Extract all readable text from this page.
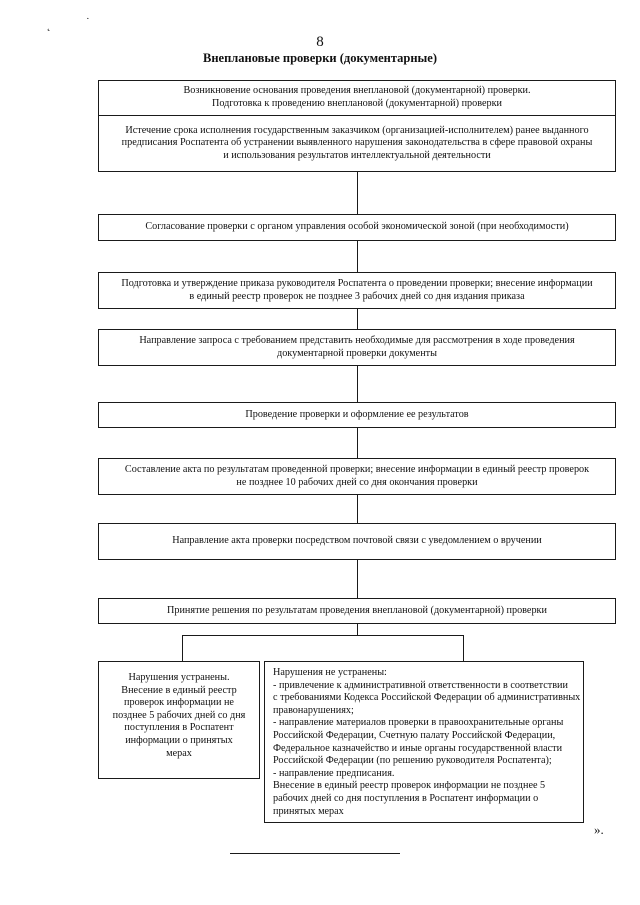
˛	˙
8
Внеплановые проверки (документарные)
Возникновение основания проведения внеплановой (документарной) проверки.
Подготовка к проведению внеплановой (документарной) проверки
Истечение срока исполнения государственным заказчиком (организацией-исполнителем) ранее выданного
предписания Роспатента об устранении выявленного нарушения законодательства в сфере правовой охраны
и использования результатов интеллектуальной деятельности
Согласование проверки с органом управления особой экономической зоной (при необходимости)
Подготовка и утверждение приказа руководителя Роспатента о проведении проверки; внесение информации
в единый реестр проверок не позднее 3 рабочих дней со дня издания приказа
Направление запроса с требованием представить необходимые для рассмотрения в ходе проведения
документарной проверки документы
Проведение проверки и оформление ее результатов
Составление акта по результатам проведенной проверки; внесение информации в единый реестр проверок
не позднее 10 рабочих дней со дня окончания проверки
Направление акта проверки посредством почтовой связи с уведомлением о вручении
Принятие решения по результатам проведения внеплановой (документарной) проверки
Нарушения устранены.
Внесение в единый реестр
проверок информации не
позднее 5 рабочих дней со дня
поступления в Роспатент
информации о принятых
мерах
Нарушения не устранены:
- привлечение к административной ответственности в соответствии
с требованиями Кодекса Российской Федерации об административных
правонарушениях;
- направление материалов проверки в правоохранительные органы
Российской Федерации, Счетную палату Российской Федерации,
Федеральное казначейство и иные органы государственной власти
Российской Федерации (по решению руководителя Роспатента);
- направление предписания.
Внесение в единый реестр проверок информации не позднее 5
рабочих дней со дня поступления в Роспатент информации о
принятых мерах
».
